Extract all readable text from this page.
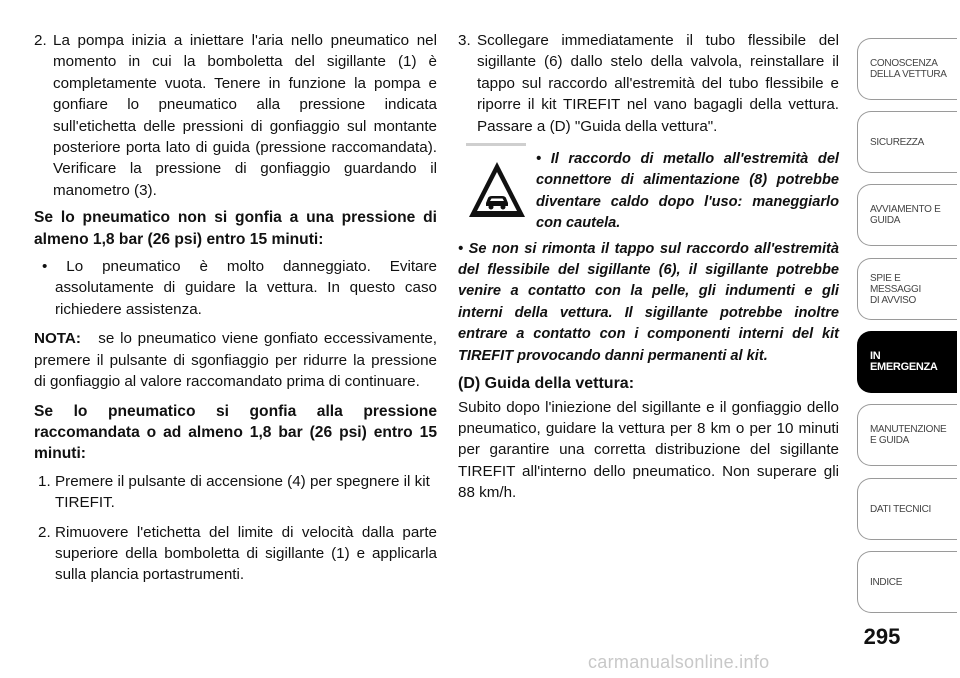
2. La pompa inizia a iniettare l'aria nello pneumatico nel momento in cui la bomboletta del sigillante (1) è completamente vuota. Tenere in funzione la pompa e gonfiare lo pneumatico alla pressione indicata sull'etichetta delle pressioni di gonfiaggio sul montante posteriore porta lato di guida (pressione raccomandata). Verificare la pressione di gonfiaggio guardando il manometro (3).

Se lo pneumatico non si gonfia a una pressione di almeno 1,8 bar (26 psi) entro 15 minuti:

• Lo pneumatico è molto danneggiato. Evitare assolutamente di guidare la vettura. In questo caso richiedere assistenza.

NOTA: se lo pneumatico viene gonfiato eccessivamente, premere il pulsante di sgonfiaggio per ridurre la pressione di gonfiaggio al valore raccomandato prima di continuare.

Se lo pneumatico si gonfia alla pressione raccomandata o ad almeno 1,8 bar (26 psi) entro 15 minuti:

1. Premere il pulsante di accensione (4) per spegnere il kit TIREFIT.

2. Rimuovere l'etichetta del limite di velocità dalla parte superiore della bomboletta di sigillante (1) e applicarla sulla plancia portastrumenti.

3. Scollegare immediatamente il tubo flessibile del sigillante (6) dallo stelo della valvola, reinstallare il tappo sul raccordo all'estremità del tubo flessibile e riporre il kit TIREFIT nel vano bagagli della vettura. Passare a (D) "Guida della vettura".

• Il raccordo di metallo all'estremità del connettore di alimentazione (8) potrebbe diventare caldo dopo l'uso: maneggiarlo con cautela.

• Se non si rimonta il tappo sul raccordo all'estremità del flessibile del sigillante (6), il sigillante potrebbe venire a contatto con la pelle, gli indumenti e gli interni della vettura. Il sigillante potrebbe inoltre entrare a contatto con i componenti interni del kit TIREFIT provocando danni permanenti al kit.

(D) Guida della vettura:

Subito dopo l'iniezione del sigillante e il gonfiaggio dello pneumatico, guidare la vettura per 8 km o per 10 minuti per garantire una corretta distribuzione del sigillante TIREFIT all'interno dello pneumatico. Non superare gli 88 km/h.

CONOSCENZA
DELLA VETTURA
SICUREZZA
AVVIAMENTO E
GUIDA
SPIE E
MESSAGGI
DI AVVISO
IN
EMERGENZA
MANUTENZIONE
E GUIDA
DATI TECNICI
INDICE
295
carmanualsonline.info
